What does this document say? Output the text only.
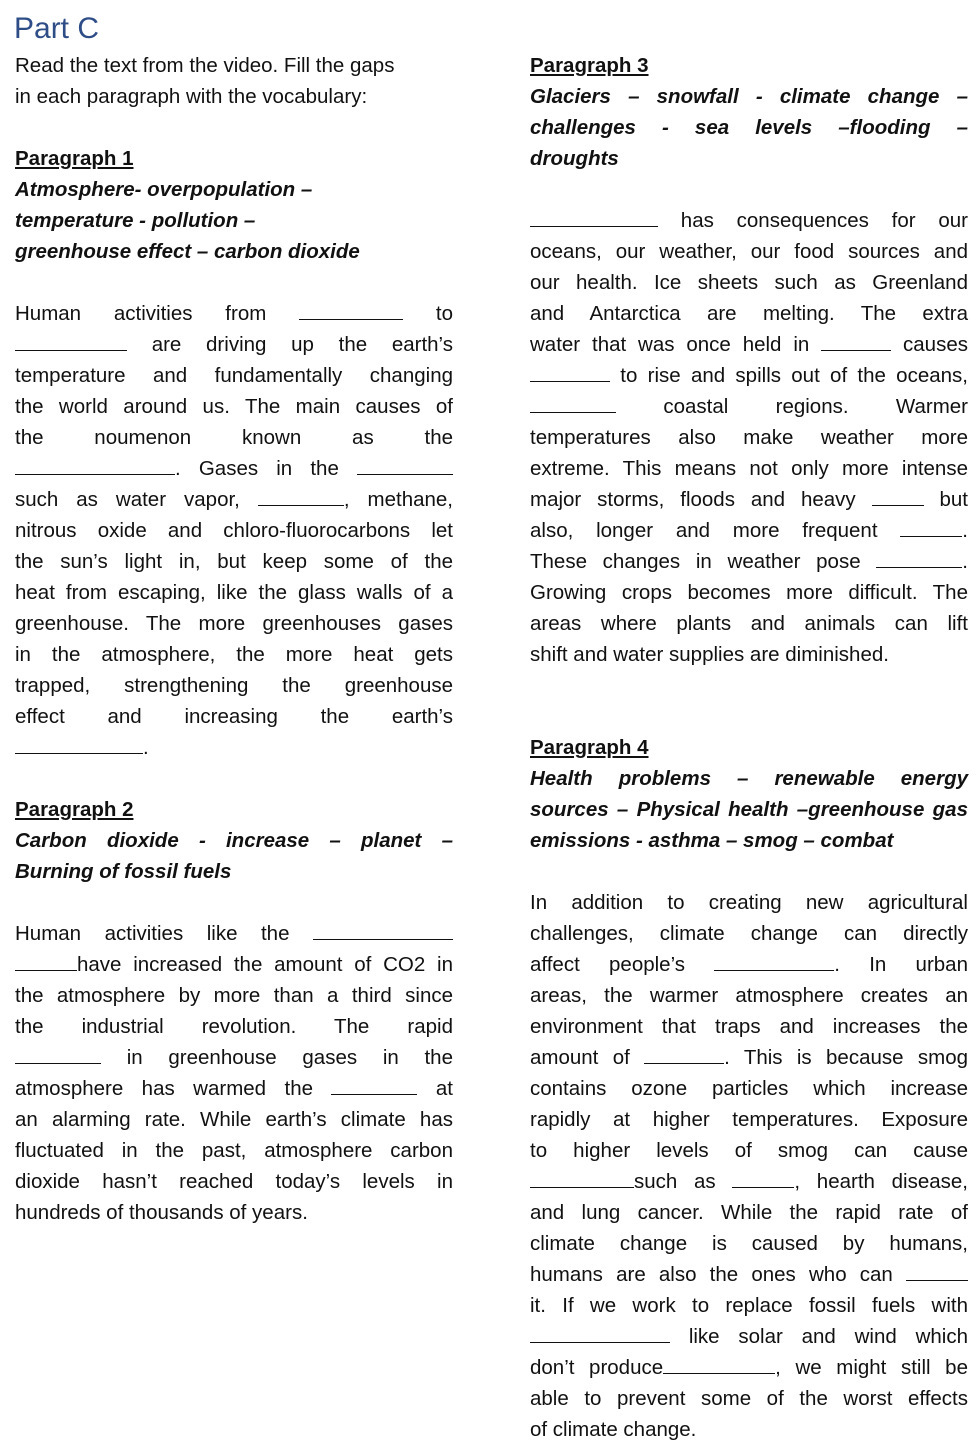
Part C

Read the text from the video. Fill the gaps

in each paragraph with the vocabulary:

Paragraph 1

Atmosphere- overpopulation –

temperature - pollution –

greenhouse effect – carbon dioxide

Human activities from	to

are driving up the earth’s

temperature and fundamentally changing

the world around us. The main causes of

the noumenon known as the

. Gases in the

such as water vapor,	, methane,

nitrous oxide and chloro-fluorocarbons let

the sun’s light in, but keep some of the

heat from escaping, like the glass walls of a

greenhouse. The more greenhouses gases

in the atmosphere, the more heat gets

trapped, strengthening the greenhouse

effect and increasing the earth’s

.

Paragraph 2

Carbon dioxide - increase – planet –

Burning of fossil fuels

Human activities like the

have increased the amount of CO2 in

the atmosphere by more than a third since

the industrial revolution. The rapid

in greenhouse gases in the

atmosphere has warmed the	at

an alarming rate. While earth’s climate has

fluctuated in the past, atmosphere carbon

dioxide hasn’t reached today’s levels in

hundreds of thousands of years.

Paragraph 3

Glaciers – snowfall - climate change –

challenges - sea levels –flooding –

droughts

has consequences for our

oceans, our weather, our food sources and

our health. Ice sheets such as Greenland

and Antarctica are melting. The extra

water that was once held in	causes

to rise and spills out of the oceans,

coastal regions. Warmer

temperatures also make weather more

extreme. This means not only more intense

major storms, floods and heavy	but

also, longer and more frequent	.

These changes in weather pose	.

Growing crops becomes more difficult. The

areas where plants and animals can lift

shift and water supplies are diminished.

Paragraph 4

Health problems – renewable energy

sources – Physical health –greenhouse gas

emissions - asthma – smog – combat

In addition to creating new agricultural

challenges, climate change can directly

affect people’s	. In urban

areas, the warmer atmosphere creates an

environment that traps and increases the

amount of	. This is because smog

contains ozone particles which increase

rapidly at higher temperatures. Exposure

to higher levels of smog can cause

such as	, hearth disease,

and lung cancer. While the rapid rate of

climate change is caused by humans,

humans are also the ones who can

it. If we work to replace fossil fuels with

like solar and wind which

don’t produce	, we might still be

able to prevent some of the worst effects

of climate change.
